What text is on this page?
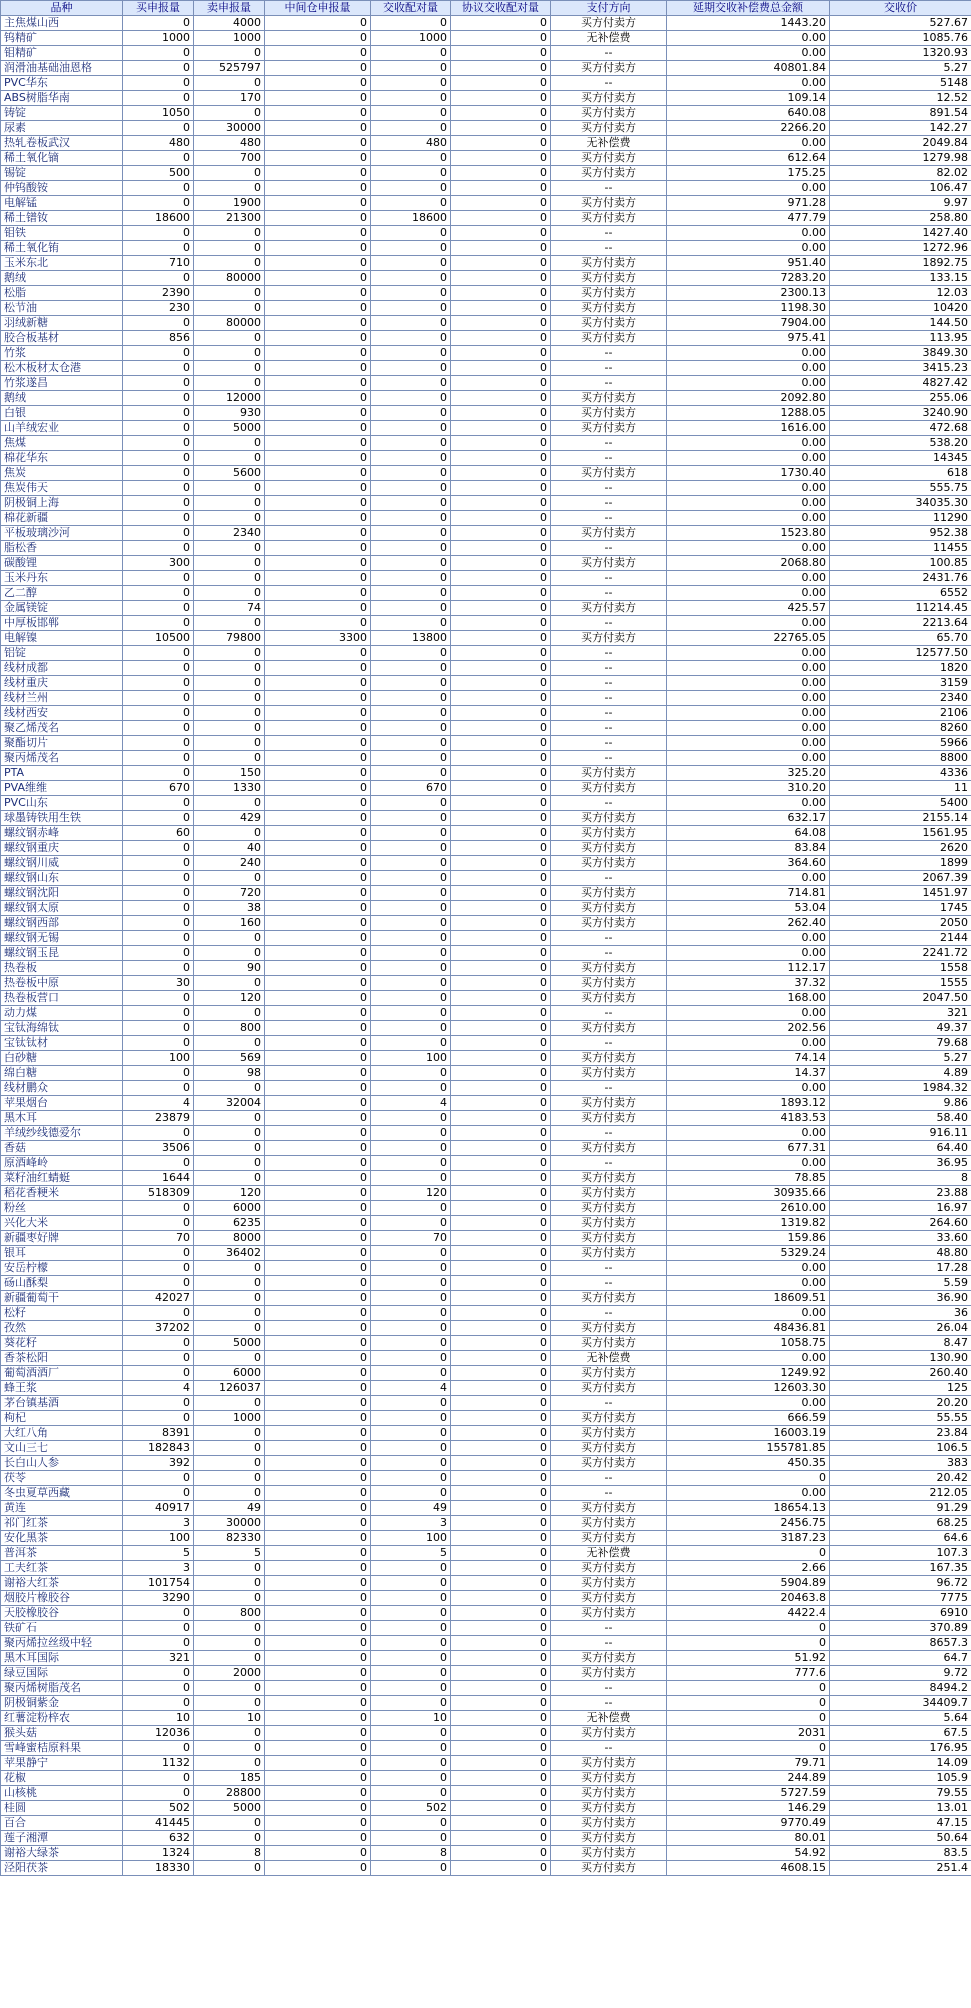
品种	买申报量	卖申报量	中间仓申报量	交收配对量	协议交收配对量	支付方向	延期交收补偿费总金额	交收价
主焦煤山西	0	4000	0	0	0	买方付卖方	1443.20	527.67
钨精矿	1000	1000	0	1000	0	无补偿费	0.00	1085.76
钼精矿	0	0	0	0	0	--	0.00	1320.93
润滑油基础油恩格	0	525797	0	0	0	买方付卖方	40801.84	5.27
PVC华东	0	0	0	0	0	--	0.00	5148
ABS树脂华南	0	170	0	0	0	买方付卖方	109.14	12.52
铸锭	1050	0	0	0	0	买方付卖方	640.08	891.54
尿素	0	30000	0	0	0	买方付卖方	2266.20	142.27
热轧卷板武汉	480	480	0	480	0	无补偿费	0.00	2049.84
稀土氧化镝	0	700	0	0	0	买方付卖方	612.64	1279.98
锡锭	500	0	0	0	0	买方付卖方	175.25	82.02
仲钨酸铵	0	0	0	0	0	--	0.00	106.47
电解锰	0	1900	0	0	0	买方付卖方	971.28	9.97
稀土镨钕	18600	21300	0	18600	0	买方付卖方	477.79	258.80
钼铁	0	0	0	0	0	--	0.00	1427.40
稀土氧化铕	0	0	0	0	0	--	0.00	1272.96
玉米东北	710	0	0	0	0	买方付卖方	951.40	1892.75
鹅绒	0	80000	0	0	0	买方付卖方	7283.20	133.15
松脂	2390	0	0	0	0	买方付卖方	2300.13	12.03
松节油	230	0	0	0	0	买方付卖方	1198.30	10420
羽绒新糖	0	80000	0	0	0	买方付卖方	7904.00	144.50
胶合板基材	856	0	0	0	0	买方付卖方	975.41	113.95
竹浆	0	0	0	0	0	--	0.00	3849.30
松木板材太仓港	0	0	0	0	0	--	0.00	3415.23
竹浆遂昌	0	0	0	0	0	--	0.00	4827.42
鹅绒	0	12000	0	0	0	买方付卖方	2092.80	255.06
白银	0	930	0	0	0	买方付卖方	1288.05	3240.90
山羊绒宏业	0	5000	0	0	0	买方付卖方	1616.00	472.68
焦煤	0	0	0	0	0	--	0.00	538.20
棉花华东	0	0	0	0	0	--	0.00	14345
焦炭	0	5600	0	0	0	买方付卖方	1730.40	618
焦炭伟天	0	0	0	0	0	--	0.00	555.75
阴极铜上海	0	0	0	0	0	--	0.00	34035.30
棉花新疆	0	0	0	0	0	--	0.00	11290
平板玻璃沙河	0	2340	0	0	0	买方付卖方	1523.80	952.38
脂松香	0	0	0	0	0	--	0.00	11455
碳酸锂	300	0	0	0	0	买方付卖方	2068.80	100.85
玉米丹东	0	0	0	0	0	--	0.00	2431.76
乙二醇	0	0	0	0	0	--	0.00	6552
金属镁锭	0	74	0	0	0	买方付卖方	425.57	11214.45
中厚板邯郸	0	0	0	0	0	--	0.00	2213.64
电解镍	10500	79800	3300	13800	0	买方付卖方	22765.05	65.70
铝锭	0	0	0	0	0	--	0.00	12577.50
线材成都	0	0	0	0	0	--	0.00	1820
线材重庆	0	0	0	0	0	--	0.00	3159
线材兰州	0	0	0	0	0	--	0.00	2340
线材西安	0	0	0	0	0	--	0.00	2106
聚乙烯茂名	0	0	0	0	0	--	0.00	8260
聚酯切片	0	0	0	0	0	--	0.00	5966
聚丙烯茂名	0	0	0	0	0	--	0.00	8800
PTA	0	150	0	0	0	买方付卖方	325.20	4336
PVA维维	670	1330	0	670	0	买方付卖方	310.20	11
PVC山东	0	0	0	0	0	--	0.00	5400
球墨铸铁用生铁	0	429	0	0	0	买方付卖方	632.17	2155.14
螺纹钢赤峰	60	0	0	0	0	买方付卖方	64.08	1561.95
螺纹钢重庆	0	40	0	0	0	买方付卖方	83.84	2620
螺纹钢川威	0	240	0	0	0	买方付卖方	364.60	1899
螺纹钢山东	0	0	0	0	0	--	0.00	2067.39
螺纹钢沈阳	0	720	0	0	0	买方付卖方	714.81	1451.97
螺纹钢太原	0	38	0	0	0	买方付卖方	53.04	1745
螺纹钢西部	0	160	0	0	0	买方付卖方	262.40	2050
螺纹钢无锡	0	0	0	0	0	--	0.00	2144
螺纹钢玉昆	0	0	0	0	0	--	0.00	2241.72
热卷板	0	90	0	0	0	买方付卖方	112.17	1558
热卷板中原	30	0	0	0	0	买方付卖方	37.32	1555
热卷板营口	0	120	0	0	0	买方付卖方	168.00	2047.50
动力煤	0	0	0	0	0	--	0.00	321
宝钛海绵钛	0	800	0	0	0	买方付卖方	202.56	49.37
宝钛钛材	0	0	0	0	0	--	0.00	79.68
白砂糖	100	569	0	100	0	买方付卖方	74.14	5.27
绵白糖	0	98	0	0	0	买方付卖方	14.37	4.89
线材鹏众	0	0	0	0	0	--	0.00	1984.32
苹果烟台	4	32004	0	4	0	买方付卖方	1893.12	9.86
黑木耳	23879	0	0	0	0	买方付卖方	4183.53	58.40
羊绒纱线德爱尔	0	0	0	0	0	--	0.00	916.11
香菇	3506	0	0	0	0	买方付卖方	677.31	64.40
原酒峰岭	0	0	0	0	0	--	0.00	36.95
菜籽油红蜻蜓	1644	0	0	0	0	买方付卖方	78.85	8
稻花香粳米	518309	120	0	120	0	买方付卖方	30935.66	23.88
粉丝	0	6000	0	0	0	买方付卖方	2610.00	16.97
兴化大米	0	6235	0	0	0	买方付卖方	1319.82	264.60
新疆枣好牌	70	8000	0	70	0	买方付卖方	159.86	33.60
银耳	0	36402	0	0	0	买方付卖方	5329.24	48.80
安岳柠檬	0	0	0	0	0	--	0.00	17.28
砀山酥梨	0	0	0	0	0	--	0.00	5.59
新疆葡萄干	42027	0	0	0	0	买方付卖方	18609.51	36.90
松籽	0	0	0	0	0	--	0.00	36
孜然	37202	0	0	0	0	买方付卖方	48436.81	26.04
葵花籽	0	5000	0	0	0	买方付卖方	1058.75	8.47
香茶松阳	0	0	0	0	0	无补偿费	0.00	130.90
葡萄酒酒厂	0	6000	0	0	0	买方付卖方	1249.92	260.40
蜂王浆	4	126037	0	4	0	买方付卖方	12603.30	125
茅台镇基酒	0	0	0	0	0	--	0.00	20.20
枸杞	0	1000	0	0	0	买方付卖方	666.59	55.55
大红八角	8391	0	0	0	0	买方付卖方	16003.19	23.84
文山三七	182843	0	0	0	0	买方付卖方	155781.85	106.5
长白山人参	392	0	0	0	0	买方付卖方	450.35	383
茯苓	0	0	0	0	0	--	0	20.42
冬虫夏草西藏	0	0	0	0	0	--	0.00	212.05
黄连	40917	49	0	49	0	买方付卖方	18654.13	91.29
祁门红茶	3	30000	0	3	0	买方付卖方	2456.75	68.25
安化黑茶	100	82330	0	100	0	买方付卖方	3187.23	64.6
普洱茶	5	5	0	5	0	无补偿费	0	107.3
工夫红茶	3	0	0	0	0	买方付卖方	2.66	167.35
谢裕大红茶	101754	0	0	0	0	买方付卖方	5904.89	96.72
烟胶片橡胶谷	3290	0	0	0	0	买方付卖方	20463.8	7775
天胶橡胶谷	0	800	0	0	0	买方付卖方	4422.4	6910
铁矿石	0	0	0	0	0	--	0	370.89
聚丙烯拉丝级中轻	0	0	0	0	0	--	0	8657.3
黑木耳国际	321	0	0	0	0	买方付卖方	51.92	64.7
绿豆国际	0	2000	0	0	0	买方付卖方	777.6	9.72
聚丙烯树脂茂名	0	0	0	0	0	--	0	8494.2
阴极铜紫金	0	0	0	0	0	--	0	34409.7
红薯淀粉梓农	10	10	0	10	0	无补偿费	0	5.64
猴头菇	12036	0	0	0	0	买方付卖方	2031	67.5
雪峰蜜桔原料果	0	0	0	0	0	--	0	176.95
苹果静宁	1132	0	0	0	0	买方付卖方	79.71	14.09
花椒	0	185	0	0	0	买方付卖方	244.89	105.9
山核桃	0	28800	0	0	0	买方付卖方	5727.59	79.55
桂圆	502	5000	0	502	0	买方付卖方	146.29	13.01
百合	41445	0	0	0	0	买方付卖方	9770.49	47.15
莲子湘潭	632	0	0	0	0	买方付卖方	80.01	50.64
谢裕大绿茶	1324	8	0	8	0	买方付卖方	54.92	83.5
泾阳茯茶	18330	0	0	0	0	买方付卖方	4608.15	251.4
